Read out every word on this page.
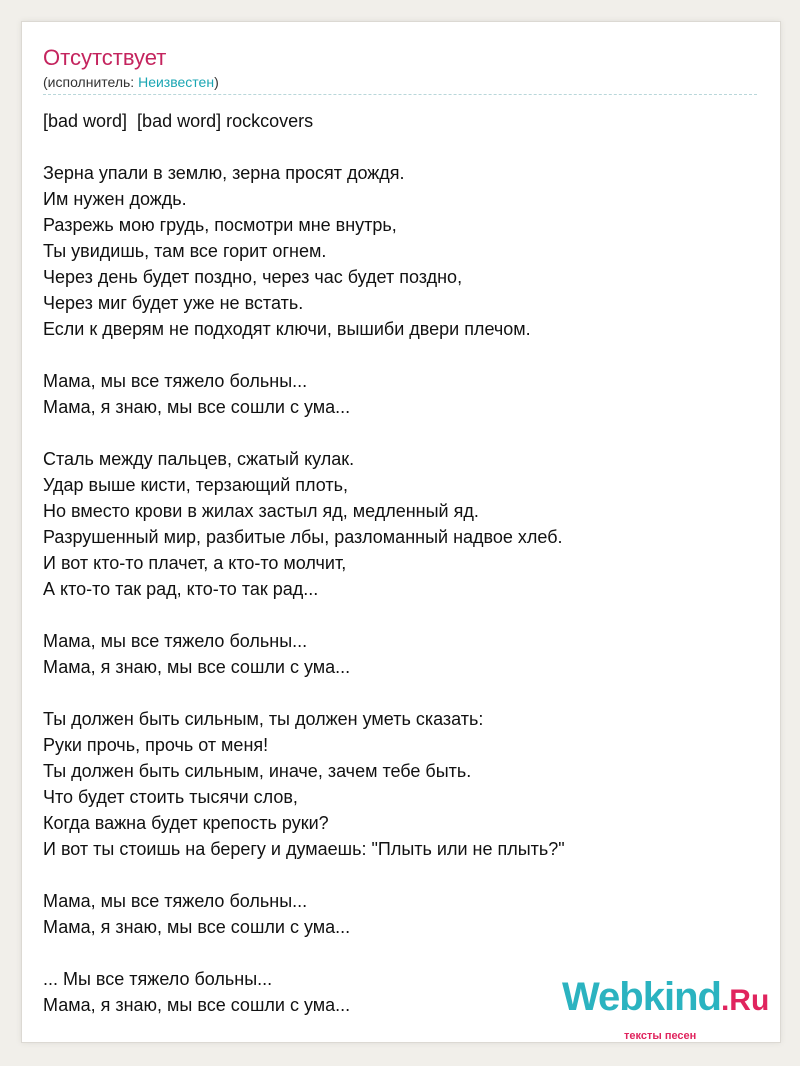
Отсутствует
(исполнитель: Неизвестен)
[bad word]  [bad word] rockcovers
Зерна упали в землю, зерна просят дождя.
Им нужен дождь.
Разрежь мою грудь, посмотри мне внутрь,
Ты увидишь, там все горит огнем.
Через день будет поздно, через час будет поздно,
Через миг будет уже не встать.
Если к дверям не подходят ключи, вышиби двери плечом.
Мама, мы все тяжело больны...
Мама, я знаю, мы все сошли с ума...
Сталь между пальцев, сжатый кулак.
Удар выше кисти, терзающий плоть,
Но вместо крови в жилах застыл яд, медленный яд.
Разрушенный мир, разбитые лбы, разломанный надвое хлеб.
И вот кто-то плачет, а кто-то молчит,
А кто-то так рад, кто-то так рад...
Мама, мы все тяжело больны...
Мама, я знаю, мы все сошли с ума...
Ты должен быть сильным, ты должен уметь сказать:
Руки прочь, прочь от меня!
Ты должен быть сильным, иначе, зачем тебе быть.
Что будет стоить тысячи слов,
Когда важна будет крепость руки?
И вот ты стоишь на берегу и думаешь: "Плыть или не плыть?"
Мама, мы все тяжело больны...
Мама, я знаю, мы все сошли с ума...
... Мы все тяжело больны...
Мама, я знаю, мы все сошли с ума...	Webkind.Ru
тексты песен
